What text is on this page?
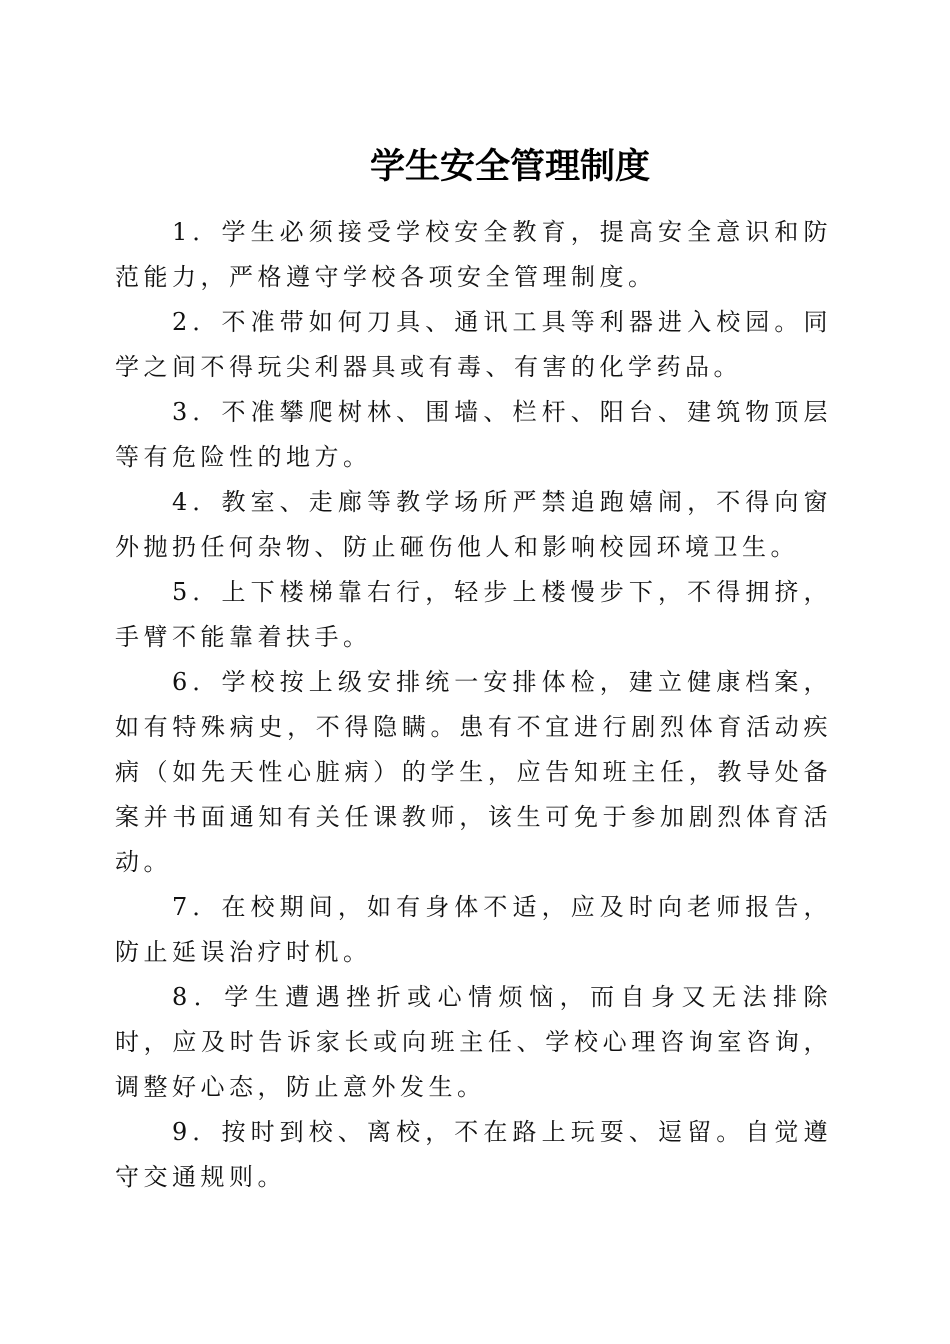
学生安全管理制度

1．学生必须接受学校安全教育，提高安全意识和防范能力，严格遵守学校各项安全管理制度。

2．不准带如何刀具、通讯工具等利器进入校园。同学之间不得玩尖利器具或有毒、有害的化学药品。

3．不准攀爬树林、围墙、栏杆、阳台、建筑物顶层等有危险性的地方。

4．教室、走廊等教学场所严禁追跑嬉闹，不得向窗外抛扔任何杂物、防止砸伤他人和影响校园环境卫生。

5．上下楼梯靠右行，轻步上楼慢步下，不得拥挤，手臂不能靠着扶手。

6．学校按上级安排统一安排体检，建立健康档案，如有特殊病史，不得隐瞒。患有不宜进行剧烈体育活动疾病（如先天性心脏病）的学生，应告知班主任，教导处备案并书面通知有关任课教师，该生可免于参加剧烈体育活动。

7．在校期间，如有身体不适，应及时向老师报告，防止延误治疗时机。

8．学生遭遇挫折或心情烦恼，而自身又无法排除时，应及时告诉家长或向班主任、学校心理咨询室咨询，调整好心态，防止意外发生。

9．按时到校、离校，不在路上玩耍、逗留。自觉遵守交通规则。
